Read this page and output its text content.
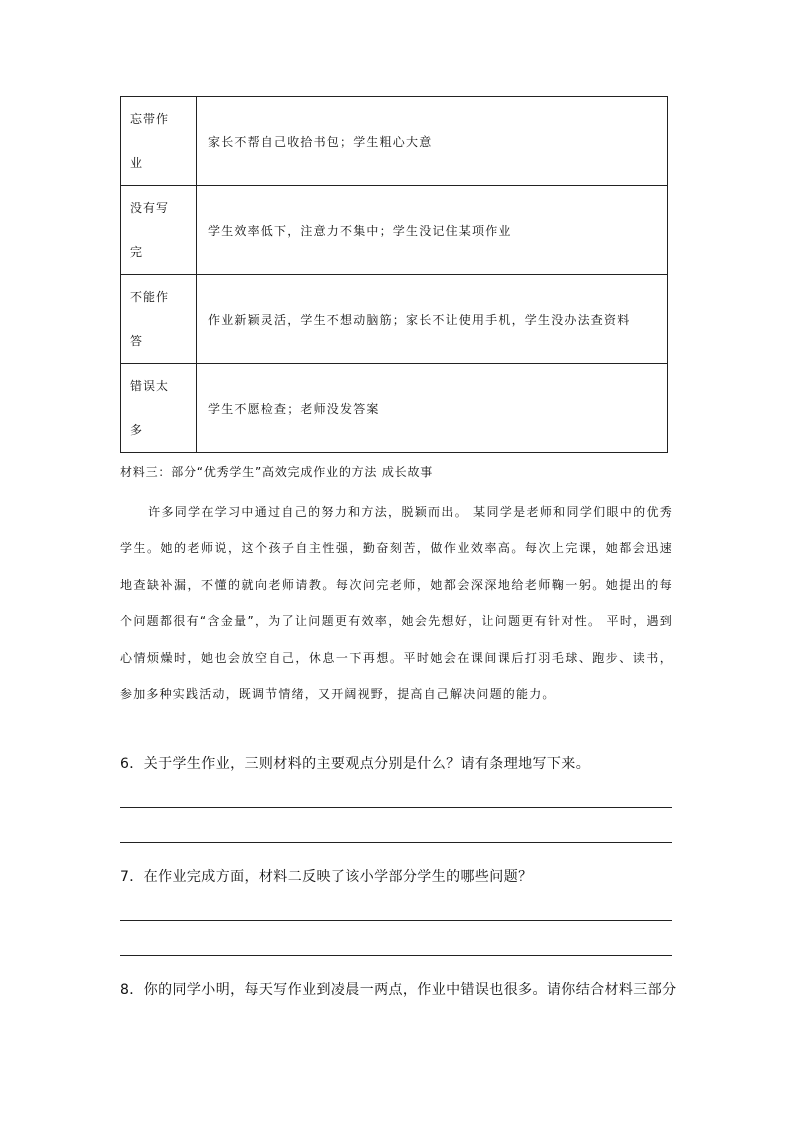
忘带作
业	家长不帮自己收拾书包；学生粗心大意
没有写
完	学生效率低下，注意力不集中；学生没记住某项作业
不能作
答	作业新颖灵活，学生不想动脑筋；家长不让使用手机，学生没办法查资料
错误太
多	学生不愿检查；老师没发答案
材料三：部分“优秀学生”高效完成作业的方法 成长故事

许多同学在学习中通过自己的努力和方法，脱颖而出。 某同学是老师和同学们眼中的优秀学生。她的老师说，这个孩子自主性强，勤奋刻苦，做作业效率高。每次上完课，她都会迅速地查缺补漏，不懂的就向老师请教。每次问完老师，她都会深深地给老师鞠一躬。她提出的每个问题都很有“含金量”，为了让问题更有效率，她会先想好，让问题更有针对性。 平时，遇到心情烦燥时，她也会放空自己，休息一下再想。平时她会在课间课后打羽毛球、跑步、读书，参加多种实践活动，既调节情绪，又开阔视野，提高自己解决问题的能力。

6．关于学生作业，三则材料的主要观点分别是什么？请有条理地写下来。
7．在作业完成方面，材料二反映了该小学部分学生的哪些问题？
8．你的同学小明，每天写作业到凌晨一两点，作业中错误也很多。请你结合材料三部分
